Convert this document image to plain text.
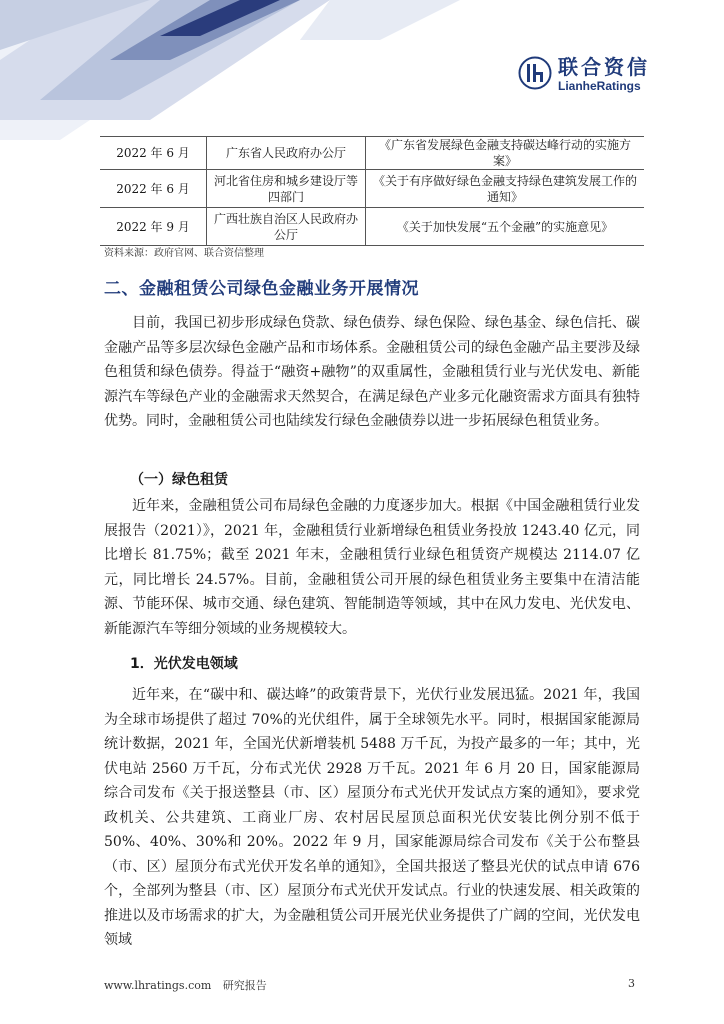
联合资信
LianheRatings
2022 年 6 月	广东省人民政府办公厅	《广东省发展绿色金融支持碳达峰行动的实施方案》
2022 年 6 月	河北省住房和城乡建设厅等四部门	《关于有序做好绿色金融支持绿色建筑发展工作的通知》
2022 年 9 月	广西壮族自治区人民政府办公厅	《关于加快发展“五个金融”的实施意见》
资料来源：政府官网、联合资信整理
二、金融租赁公司绿色金融业务开展情况

目前，我国已初步形成绿色贷款、绿色债券、绿色保险、绿色基金、绿色信托、碳金融产品等多层次绿色金融产品和市场体系。金融租赁公司的绿色金融产品主要涉及绿色租赁和绿色债券。得益于“融资+融物”的双重属性，金融租赁行业与光伏发电、新能源汽车等绿色产业的金融需求天然契合，在满足绿色产业多元化融资需求方面具有独特优势。同时，金融租赁公司也陆续发行绿色金融债券以进一步拓展绿色租赁业务。

（一）绿色租赁

近年来，金融租赁公司布局绿色金融的力度逐步加大。根据《中国金融租赁行业发展报告（2021）》，2021 年，金融租赁行业新增绿色租赁业务投放 1243.40 亿元，同比增长 81.75%；截至 2021 年末，金融租赁行业绿色租赁资产规模达 2114.07 亿元，同比增长 24.57%。目前，金融租赁公司开展的绿色租赁业务主要集中在清洁能源、节能环保、城市交通、绿色建筑、智能制造等领域，其中在风力发电、光伏发电、新能源汽车等细分领域的业务规模较大。

1．光伏发电领域

近年来，在“碳中和、碳达峰”的政策背景下，光伏行业发展迅猛。2021 年，我国为全球市场提供了超过 70%的光伏组件，属于全球领先水平。同时，根据国家能源局统计数据，2021 年，全国光伏新增装机 5488 万千瓦，为投产最多的一年；其中，光伏电站 2560 万千瓦，分布式光伏 2928 万千瓦。2021 年 6 月 20 日，国家能源局综合司发布《关于报送整县（市、区）屋顶分布式光伏开发试点方案的通知》，要求党政机关、公共建筑、工商业厂房、农村居民屋顶总面积光伏安装比例分别不低于 50%、40%、30%和 20%。2022 年 9 月，国家能源局综合司发布《关于公布整县（市、区）屋顶分布式光伏开发名单的通知》，全国共报送了整县光伏的试点申请 676 个，全部列为整县（市、区）屋顶分布式光伏开发试点。行业的快速发展、相关政策的推进以及市场需求的扩大，为金融租赁公司开展光伏业务提供了广阔的空间，光伏发电领域

www.lhratings.com 研究报告	3
